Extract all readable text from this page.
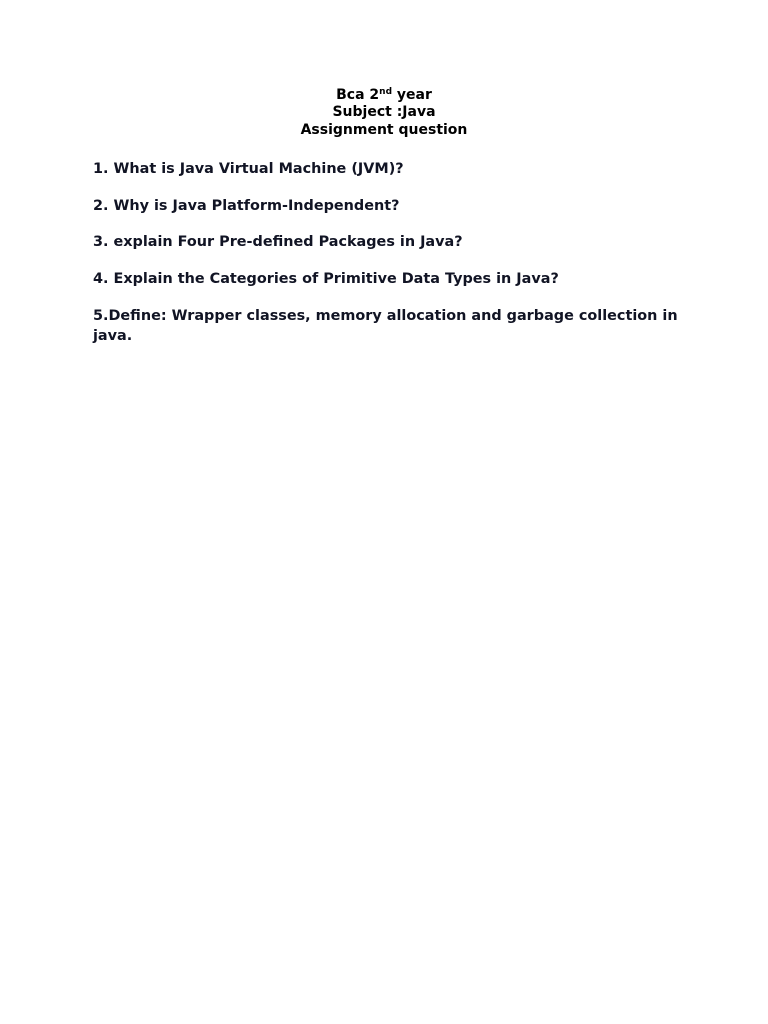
Bca 2nd year
Subject :Java
Assignment question

1. What is Java Virtual Machine (JVM)?

2. Why is Java Platform-Independent?

3. explain Four Pre-defined Packages in Java?

4. Explain the Categories of Primitive Data Types in Java?

5.Define: Wrapper classes, memory allocation and garbage collection in java.
